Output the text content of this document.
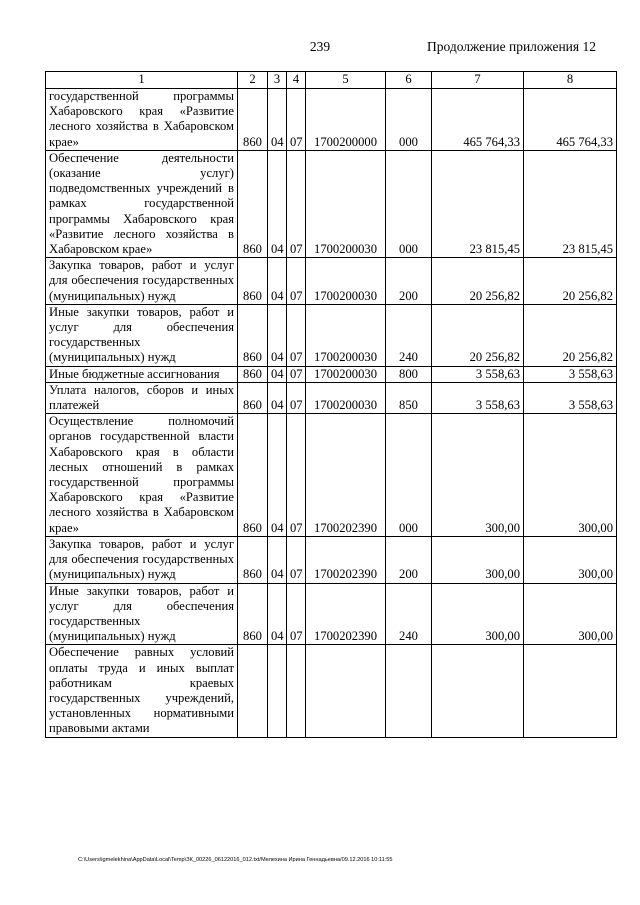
239	Продолжение приложения 12
1	2	3	4	5	6	7	8
государственной программы Хабаровского края «Развитие лесного хозяйства в Хабаровском крае»	860	04	07	1700200000	000	465 764,33	465 764,33
Обеспечение деятельности (оказание услуг) подведомственных учреждений в рамках государственной программы Хабаровского края «Развитие лесного хозяйства в Хабаровском крае»	860	04	07	1700200030	000	23 815,45	23 815,45
Закупка товаров, работ и услуг для обеспечения государственных (муниципальных) нужд	860	04	07	1700200030	200	20 256,82	20 256,82
Иные закупки товаров, работ и услуг для обеспечения государственных (муниципальных) нужд	860	04	07	1700200030	240	20 256,82	20 256,82
Иные бюджетные ассигнования	860	04	07	1700200030	800	3 558,63	3 558,63
Уплата налогов, сборов и иных платежей	860	04	07	1700200030	850	3 558,63	3 558,63
Осуществление полномочий органов государственной власти Хабаровского края в области лесных отношений в рамках государственной программы Хабаровского края «Развитие лесного хозяйства в Хабаровском крае»	860	04	07	1700202390	000	300,00	300,00
Закупка товаров, работ и услуг для обеспечения государственных (муниципальных) нужд	860	04	07	1700202390	200	300,00	300,00
Иные закупки товаров, работ и услуг для обеспечения государственных (муниципальных) нужд	860	04	07	1700202390	240	300,00	300,00
Обеспечение равных условий оплаты труда и иных выплат работникам краевых государственных учреждений, установленных нормативными правовыми актами							
C:\Users\igmelekhina\AppData\Local\Temp\ЗК_00226_06122016_012.txt/Мелехина Ирина Геннадьевна/09.12.2016 10:11:55
